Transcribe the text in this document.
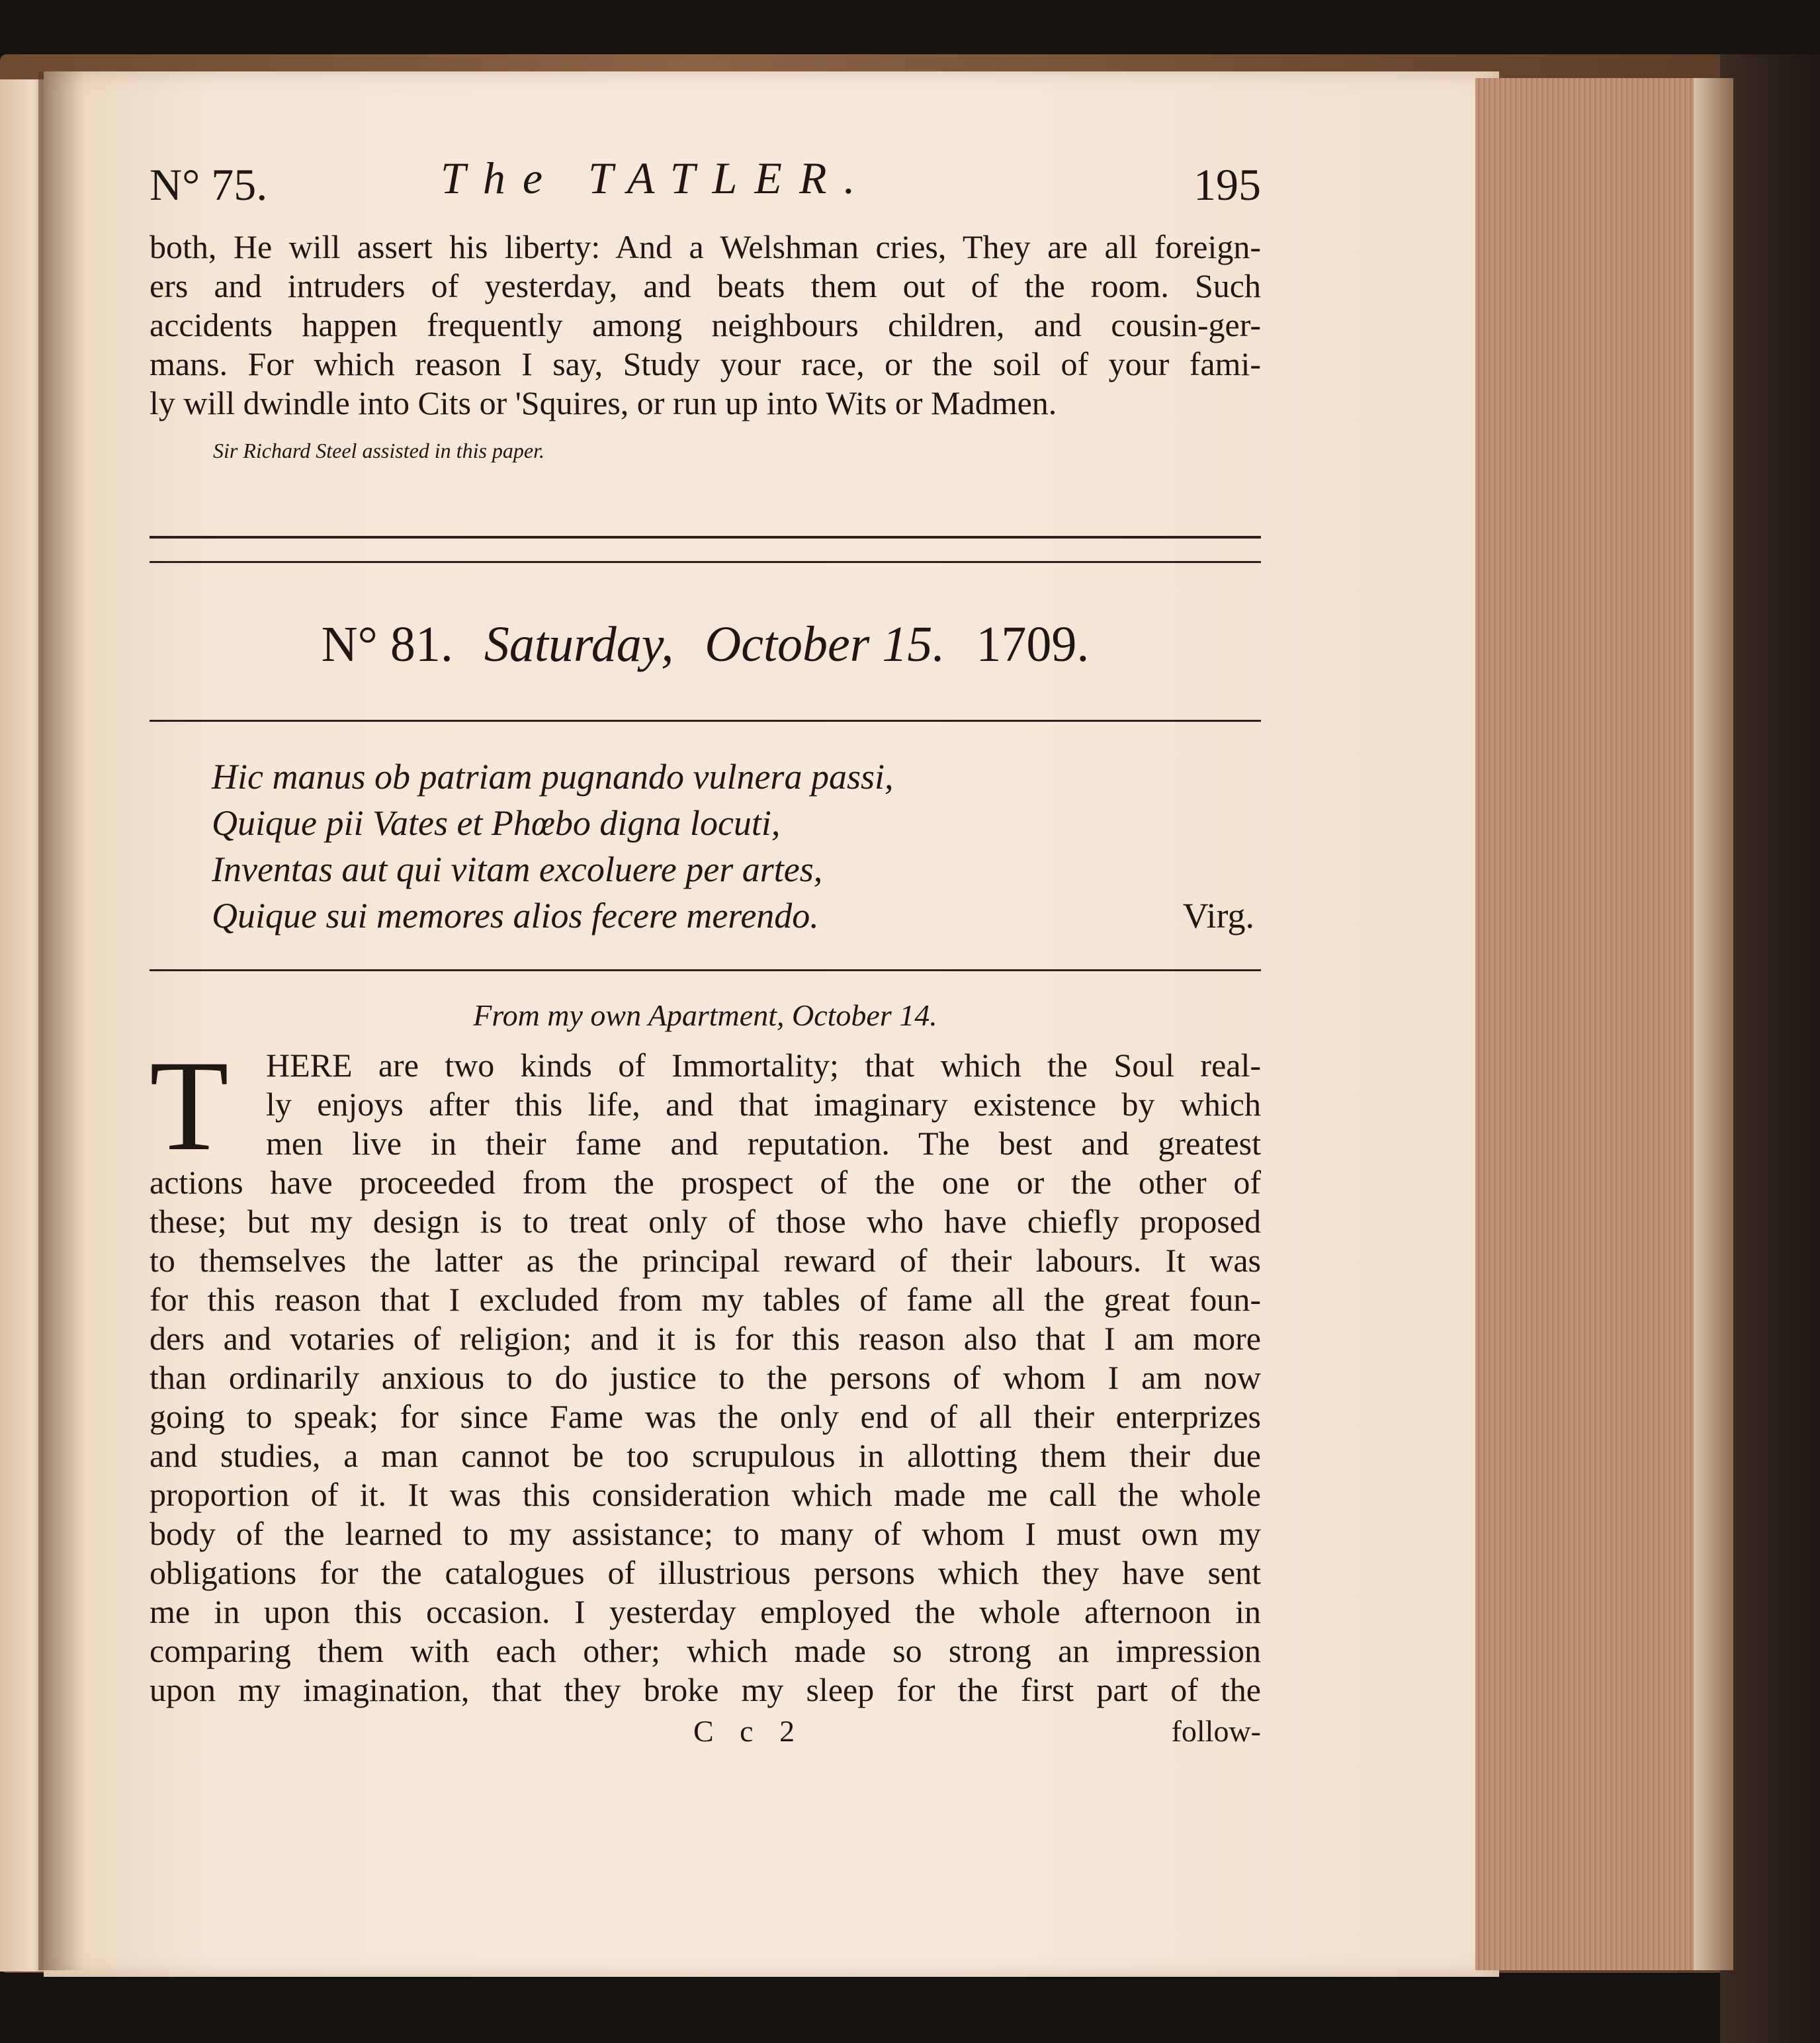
N° 75.	The TATLER.	195
both, He will assert his liberty: And a Welshman cries, They are all foreign-
ers and intruders of yesterday, and beats them out of the room. Such
accidents happen frequently among neighbours children, and cousin-ger-
mans. For which reason I say, Study your race, or the soil of your fami-
ly will dwindle into Cits or 'Squires, or run up into Wits or Madmen.
Sir Richard Steel assisted in this paper.
N° 81. Saturday, October 15. 1709.
Hic manus ob patriam pugnando vulnera passi,
Quique pii Vates et Phœbo digna locuti,
Inventas aut qui vitam excoluere per artes,
Quique sui memores alios fecere merendo.	Virg.
From my own Apartment, October 14.
T	HERE are two kinds of Immortality; that which the Soul real-
ly enjoys after this life, and that imaginary existence by which
men live in their fame and reputation. The best and greatest
actions have proceeded from the prospect of the one or the other of
these; but my design is to treat only of those who have chiefly proposed
to themselves the latter as the principal reward of their labours. It was
for this reason that I excluded from my tables of fame all the great foun-
ders and votaries of religion; and it is for this reason also that I am more
than ordinarily anxious to do justice to the persons of whom I am now
going to speak; for since Fame was the only end of all their enterprizes
and studies, a man cannot be too scrupulous in allotting them their due
proportion of it. It was this consideration which made me call the whole
body of the learned to my assistance; to many of whom I must own my
obligations for the catalogues of illustrious persons which they have sent
me in upon this occasion. I yesterday employed the whole afternoon in
comparing them with each other; which made so strong an impression
upon my imagination, that they broke my sleep for the first part of the
C c 2	follow-
